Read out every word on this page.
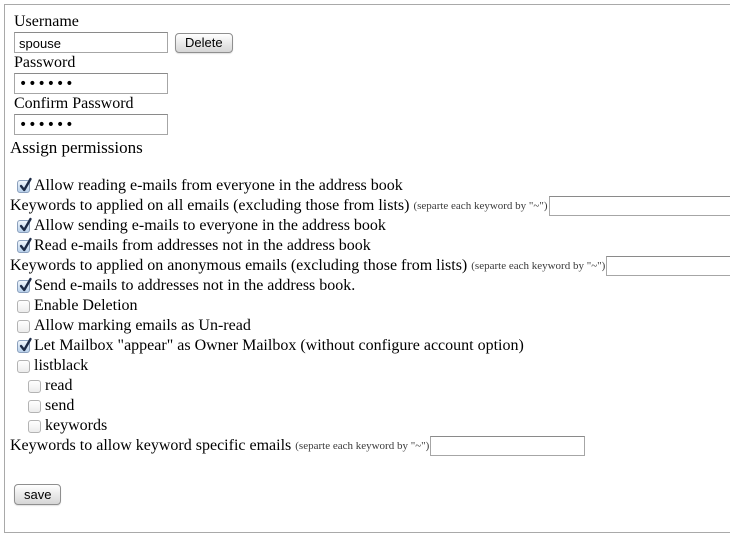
Username
spouse
Delete
Password
••••••
Confirm Password
••••••
Assign permissions
Allow reading e-mails from everyone in the address book
Keywords to applied on all emails (excluding those from lists) (separte each keyword by "~")
Allow sending e-mails to everyone in the address book
Read e-mails from addresses not in the address book
Keywords to applied on anonymous emails (excluding those from lists) (separte each keyword by "~")
Send e-mails to addresses not in the address book.
Enable Deletion
Allow marking emails as Un-read
Let Mailbox "appear" as Owner Mailbox (without configure account option)
listblack
read
send
keywords
Keywords to allow keyword specific emails (separte each keyword by "~")
save
